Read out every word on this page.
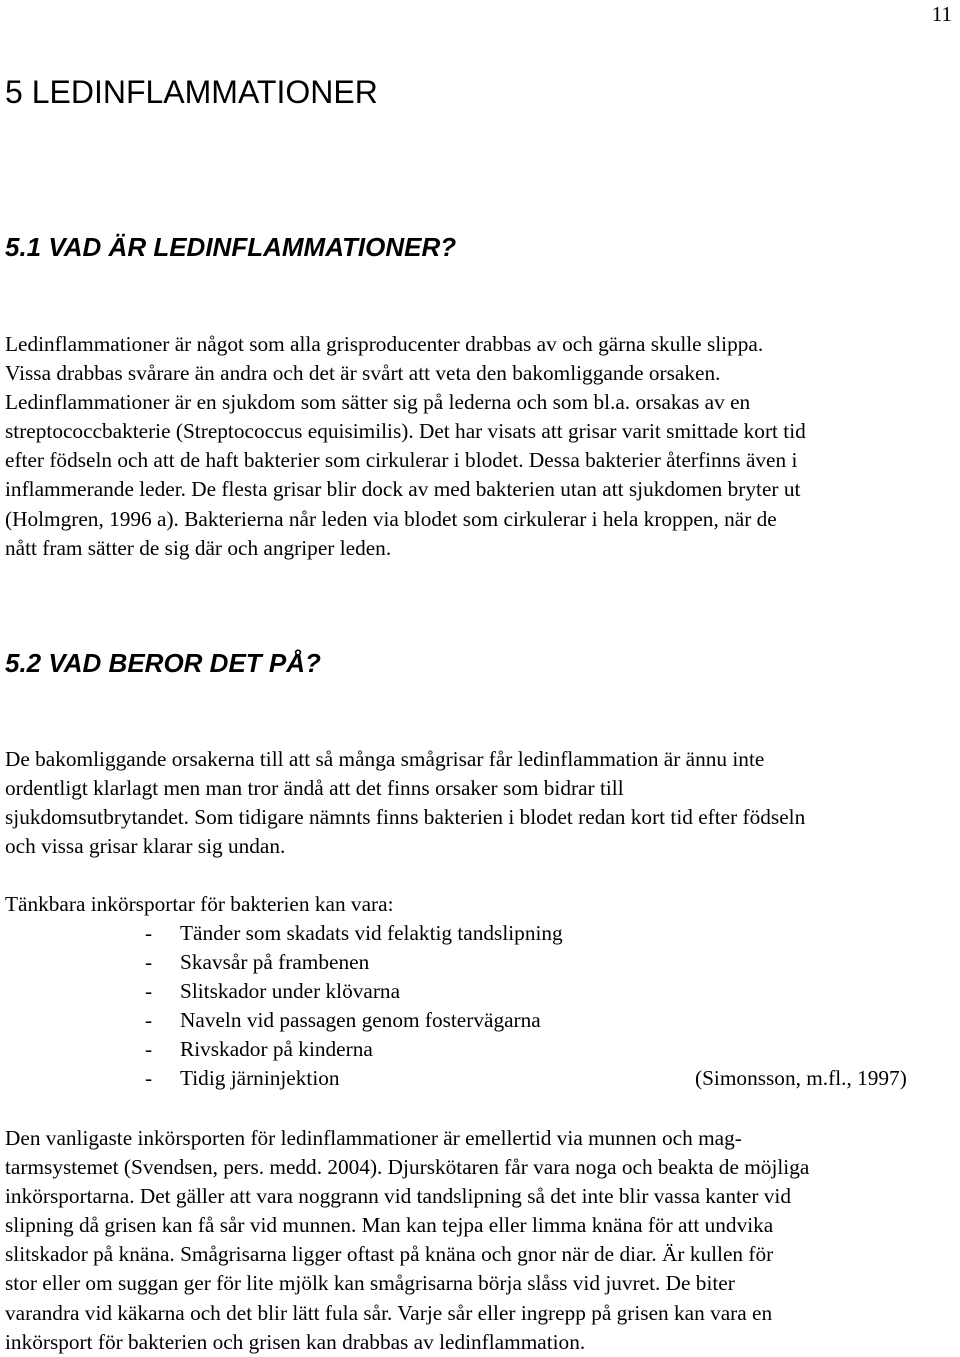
11
5 LEDINFLAMMATIONER
5.1 VAD ÄR LEDINFLAMMATIONER?

Ledinflammationer är något som alla grisproducenter drabbas av och gärna skulle slippa.
Vissa drabbas svårare än andra och det är svårt att veta den bakomliggande orsaken.
Ledinflammationer är en sjukdom som sätter sig på lederna och som bl.a. orsakas av en
streptococcbakterie (Streptococcus equisimilis). Det har visats att grisar varit smittade kort tid
efter födseln och att de haft bakterier som cirkulerar i blodet. Dessa bakterier återfinns även i
inflammerande leder. De flesta grisar blir dock av med bakterien utan att sjukdomen bryter ut
(Holmgren, 1996 a). Bakterierna når leden via blodet som cirkulerar i hela kroppen, när de
nått fram sätter de sig där och angriper leden.

5.2 VAD BEROR DET PÅ?

De bakomliggande orsakerna till att så många smågrisar får ledinflammation är ännu inte
ordentligt klarlagt men man tror ändå att det finns orsaker som bidrar till
sjukdomsutbrytandet. Som tidigare nämnts finns bakterien i blodet redan kort tid efter födseln
och vissa grisar klarar sig undan.

Tänkbara inkörsportar för bakterien kan vara:

- Tänder som skadats vid felaktig tandslipning
- Skavsår på frambenen
- Slitskador under klövarna
- Naveln vid passagen genom fostervägarna
- Rivskador på kinderna
- Tidig järninjektion	(Simonsson, m.fl., 1997)

Den vanligaste inkörsporten för ledinflammationer är emellertid via munnen och mag-
tarmsystemet (Svendsen, pers. medd. 2004). Djurskötaren får vara noga och beakta de möjliga
inkörsportarna. Det gäller att vara noggrann vid tandslipning så det inte blir vassa kanter vid
slipning då grisen kan få sår vid munnen. Man kan tejpa eller limma knäna för att undvika
slitskador på knäna. Smågrisarna ligger oftast på knäna och gnor när de diar. Är kullen för
stor eller om suggan ger för lite mjölk kan smågrisarna börja slåss vid juvret. De biter
varandra vid käkarna och det blir lätt fula sår. Varje sår eller ingrepp på grisen kan vara en
inkörsport för bakterien och grisen kan drabbas av ledinflammation.
